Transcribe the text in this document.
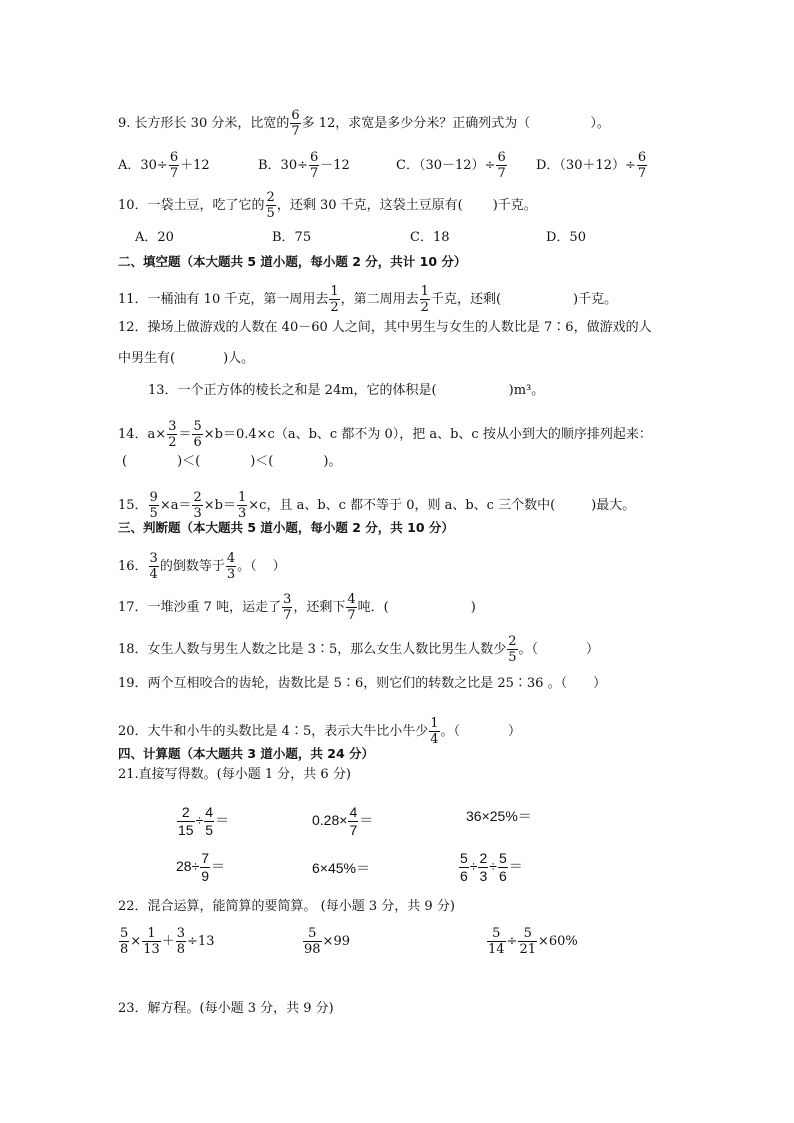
9. 长方形长 30 分米，比宽的 $\frac{6}{7}$ 多 12，求宽是多少分米？正确列式为（	）。
A．$30\div \frac{6}{7} +12$	B．$30\div \frac{6}{7} -12$	C．$(30-12)\div \frac{6}{7}$ D．$(30+12)\div \frac{6}{7}$
10．一袋土豆，吃了它的 $\frac{2}{5}$ ，还剩 30 千克，这袋土豆原有( )千克。
A．20	B．75	C．18	D．50
二、填空题（本大题共 5 道小题，每小题 2 分，共计 10 分）
11．一桶油有 10 千克，第一周用去 $\frac{1}{2}$ ，第二周用去 $\frac{1}{2}$ 千克，还剩(	)千克。
12．操场上做游戏的人数在 40－60 人之间，其中男生与女生的人数比是 7∶6，做游戏的人
中男生有(	)人。
13．一个正方体的棱长之和是 24m，它的体积是(	)m³。
14．$a\times \frac{3}{2} = \frac{5}{6} \times b=0.4\times c(a$、b、c 都不为 0），把 a、b、c 按从小到大的顺序排列起来：
(	)＜(	)＜(	)。
15． $\frac{9}{5} \times a= \frac{2}{3} \times b= \frac{1}{3} \times c$，且 a、b、c 都不等于 0，则 a、b、c 三个数中(	)最大。
三、判断题（本大题共 5 道小题，每小题 2 分，共 10 分）
16． $\frac{3}{4}$ 的倒数等于 $\frac{4}{3}$ 。（ ）
17．一堆沙重 7 吨，运走了 $\frac{3}{7}$ ，还剩下 $\frac{4}{7}$ 吨．(	)
18．女生人数与男生人数之比是 3∶5，那么女生人数比男生人数少 $\frac{2}{5}$ 。（	）
19．两个互相咬合的齿轮，齿数比是 5∶6，则它们的转数之比是 25∶36 。（ ）
20．大牛和小牛的头数比是 4∶5，表示大牛比小牛少 $\frac{1}{4}$ 。（	）
四、计算题（本大题共 3 道小题，共 24 分）
21.直接写得数。(每小题 1 分，共 6 分)
$\frac{2}{15} \div \frac{4}{5}$ ＝	$0.28\times \frac{4}{7}$ ＝	36×25%＝
$28\div \frac{7}{9}$ ＝	6×45%＝	$\frac{5}{6} \div \frac{2}{3} \div \frac{5}{6}$ ＝
22．混合运算，能简算的要简算。 (每小题 3 分，共 9 分)
$\frac{5}{8} \times \frac{1}{13} + \frac{3}{8} \div 13$	$\frac{5}{98} \times 99$	$\frac{5}{14} \div \frac{5}{21} \times 60\%$
23．解方程。(每小题 3 分，共 9 分)
